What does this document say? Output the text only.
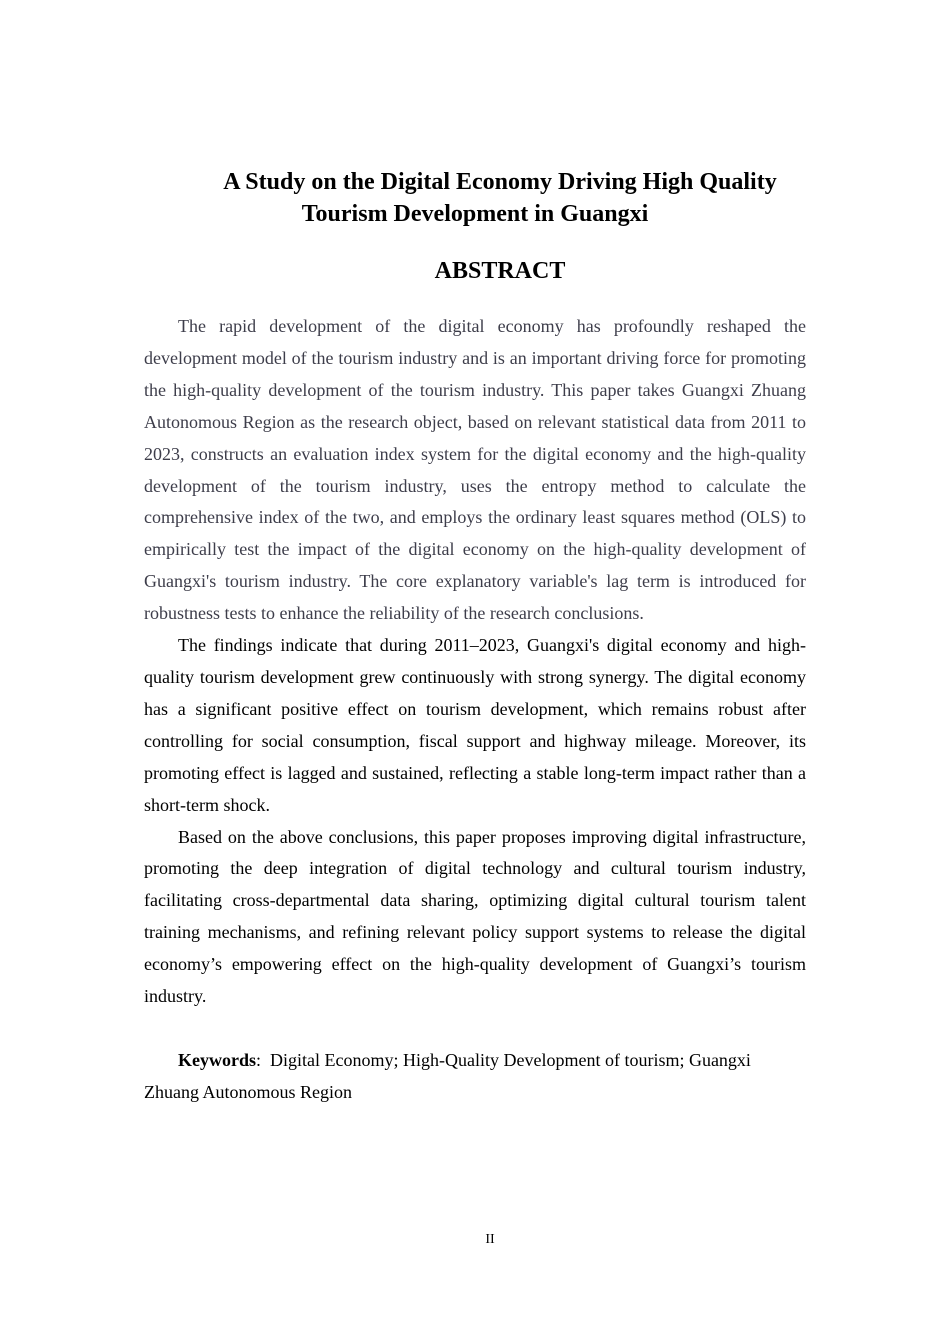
A Study on the Digital Economy Driving High Quality
Tourism Development in Guangxi
ABSTRACT

The rapid development of the digital economy has profoundly reshaped the development model of the tourism industry and is an important driving force for promoting the high-quality development of the tourism industry. This paper takes Guangxi Zhuang Autonomous Region as the research object, based on relevant statistical data from 2011 to 2023, constructs an evaluation index system for the digital economy and the high-quality development of the tourism industry, uses the entropy method to calculate the comprehensive index of the two, and employs the ordinary least squares method (OLS) to empirically test the impact of the digital economy on the high-quality development of Guangxi's tourism industry. The core explanatory variable's lag term is introduced for robustness tests to enhance the reliability of the research conclusions.

The findings indicate that during 2011–2023, Guangxi's digital economy and high-quality tourism development grew continuously with strong synergy. The digital economy has a significant positive effect on tourism development, which remains robust after controlling for social consumption, fiscal support and highway mileage. Moreover, its promoting effect is lagged and sustained, reflecting a stable long-term impact rather than a short-term shock.

Based on the above conclusions, this paper proposes improving digital infrastructure, promoting the deep integration of digital technology and cultural tourism industry, facilitating cross-departmental data sharing, optimizing digital cultural tourism talent training mechanisms, and refining relevant policy support systems to release the digital economy’s empowering effect on the high-quality development of Guangxi’s tourism industry.

Keywords: Digital Economy; High-Quality Development of tourism; Guangxi Zhuang Autonomous Region

II
